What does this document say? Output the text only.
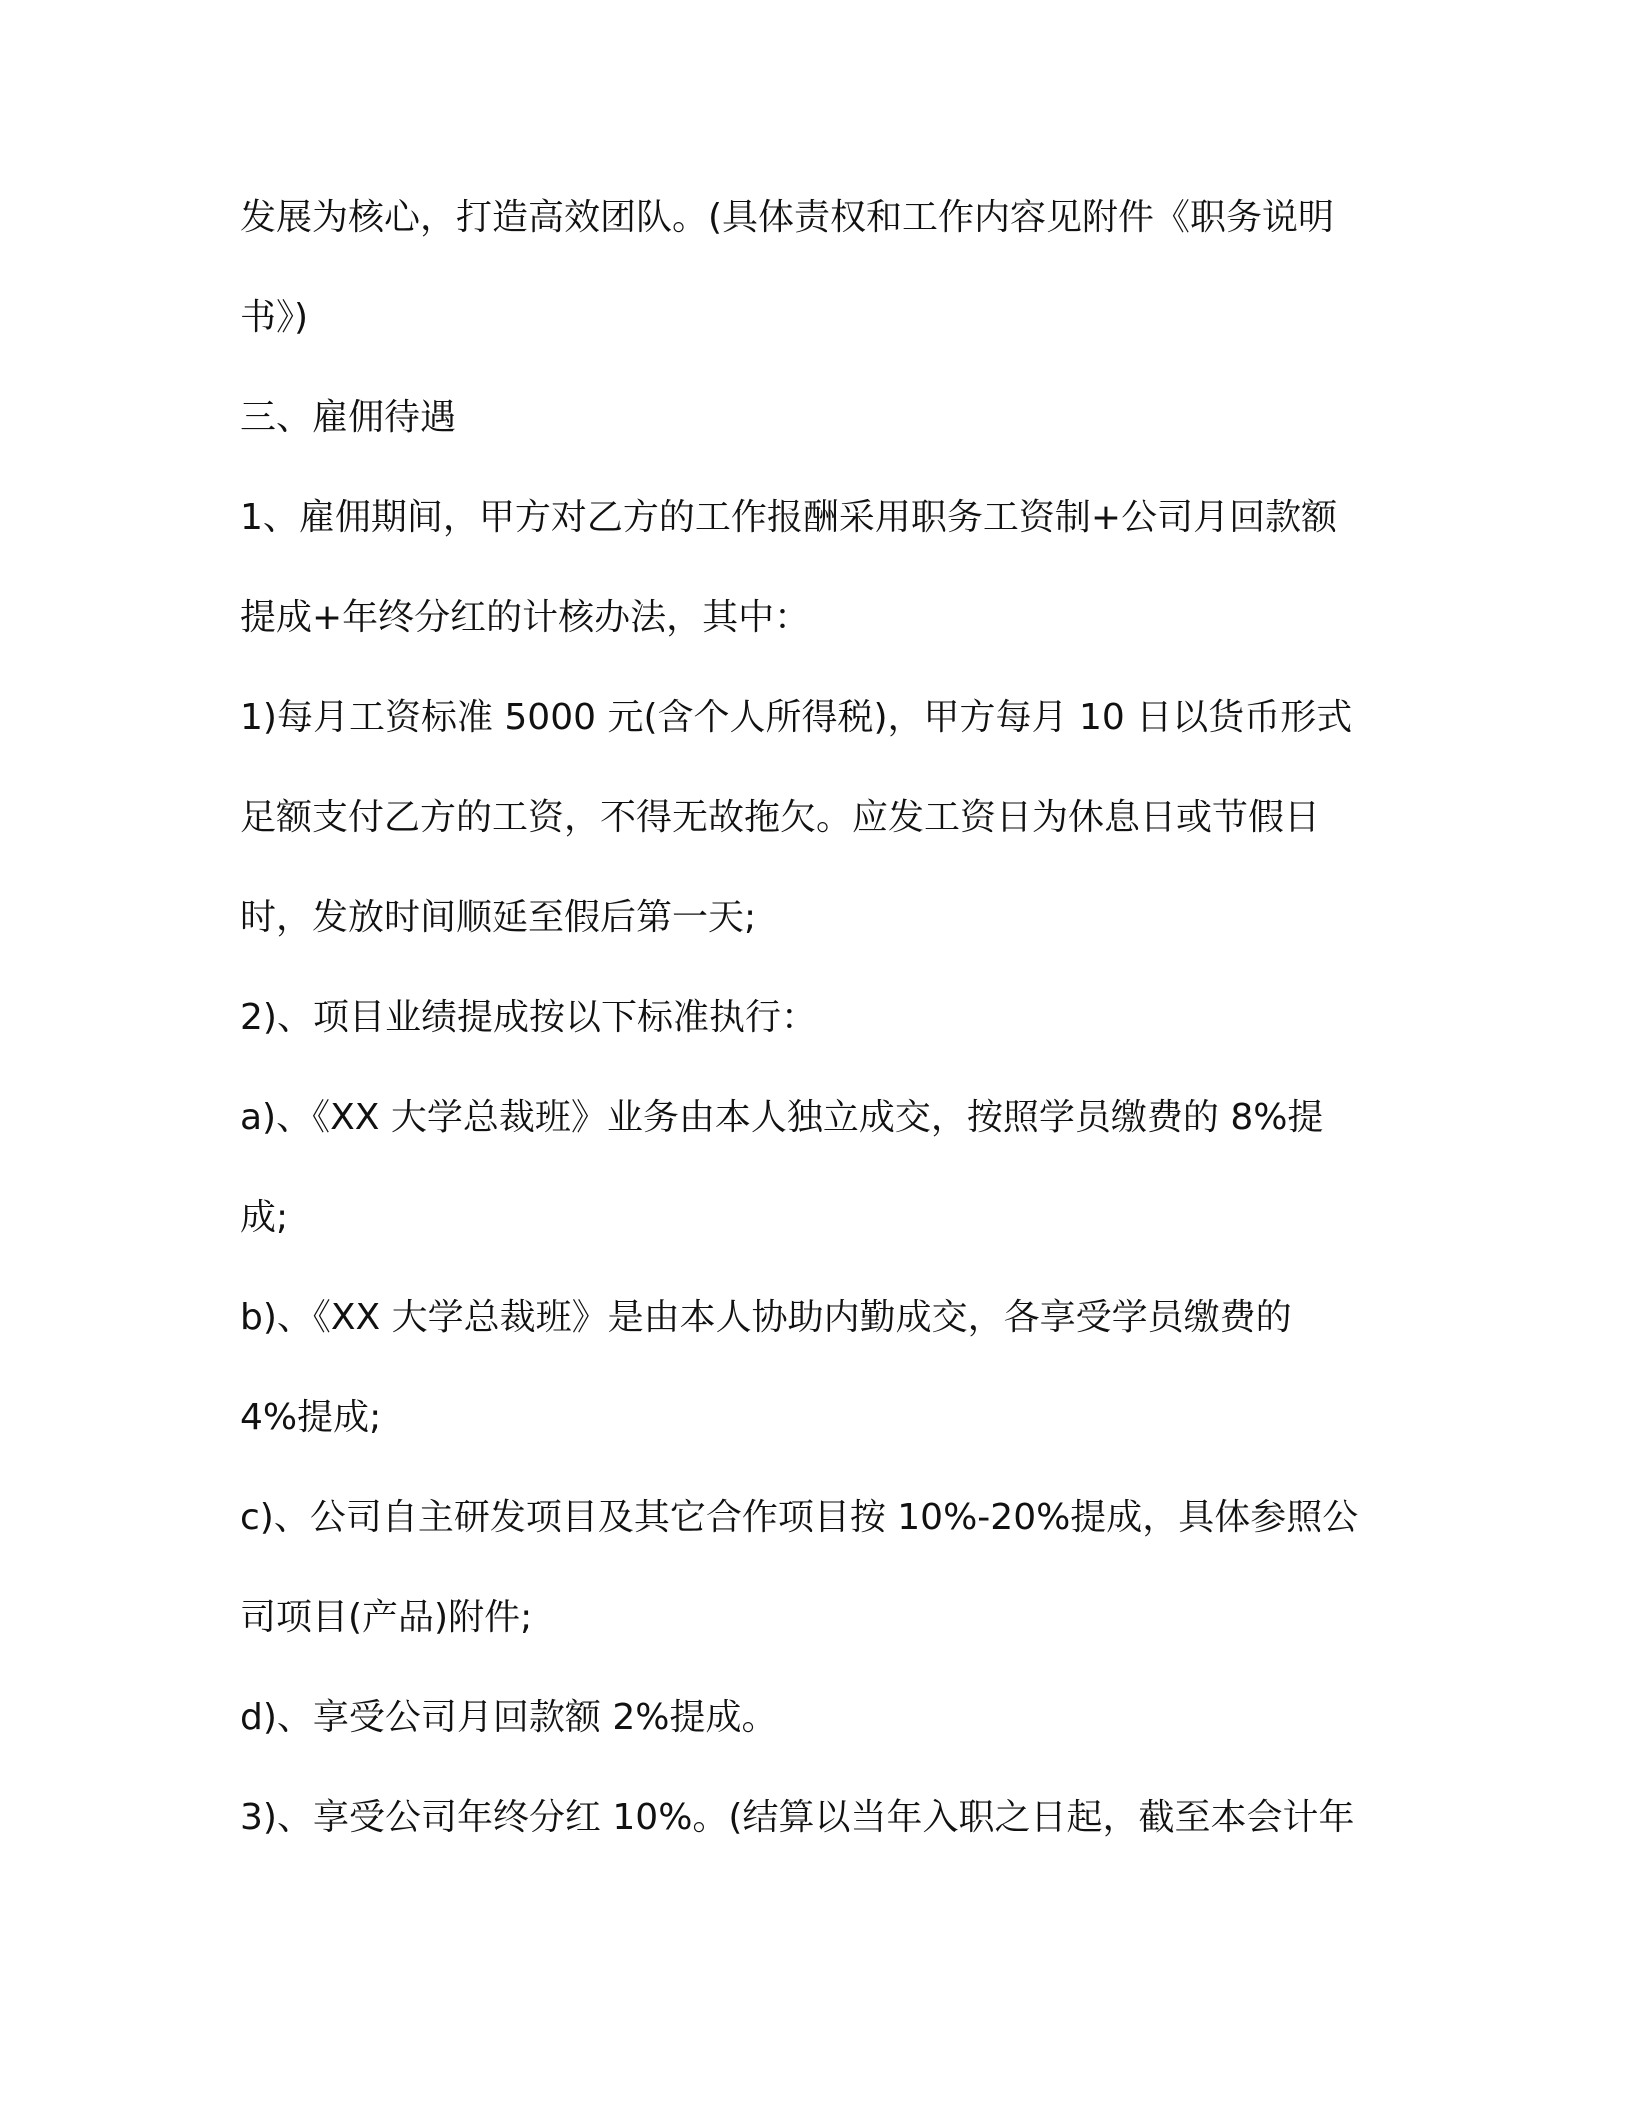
发展为核心，打造高效团队。(具体责权和工作内容见附件《职务说明
书》)
三、雇佣待遇
1、雇佣期间，甲方对乙方的工作报酬采用职务工资制+公司月回款额
提成+年终分红的计核办法，其中：
1)每月工资标准 5000 元(含个人所得税)，甲方每月 10 日以货币形式
足额支付乙方的工资，不得无故拖欠。应发工资日为休息日或节假日
时，发放时间顺延至假后第一天;
2)、项目业绩提成按以下标准执行：
a)、《XX 大学总裁班》业务由本人独立成交，按照学员缴费的 8%提
成;
b)、《XX 大学总裁班》是由本人协助内勤成交，各享受学员缴费的
4%提成;
c)、公司自主研发项目及其它合作项目按 10%-20%提成，具体参照公
司项目(产品)附件;
d)、享受公司月回款额 2%提成。
3)、享受公司年终分红 10%。(结算以当年入职之日起，截至本会计年
